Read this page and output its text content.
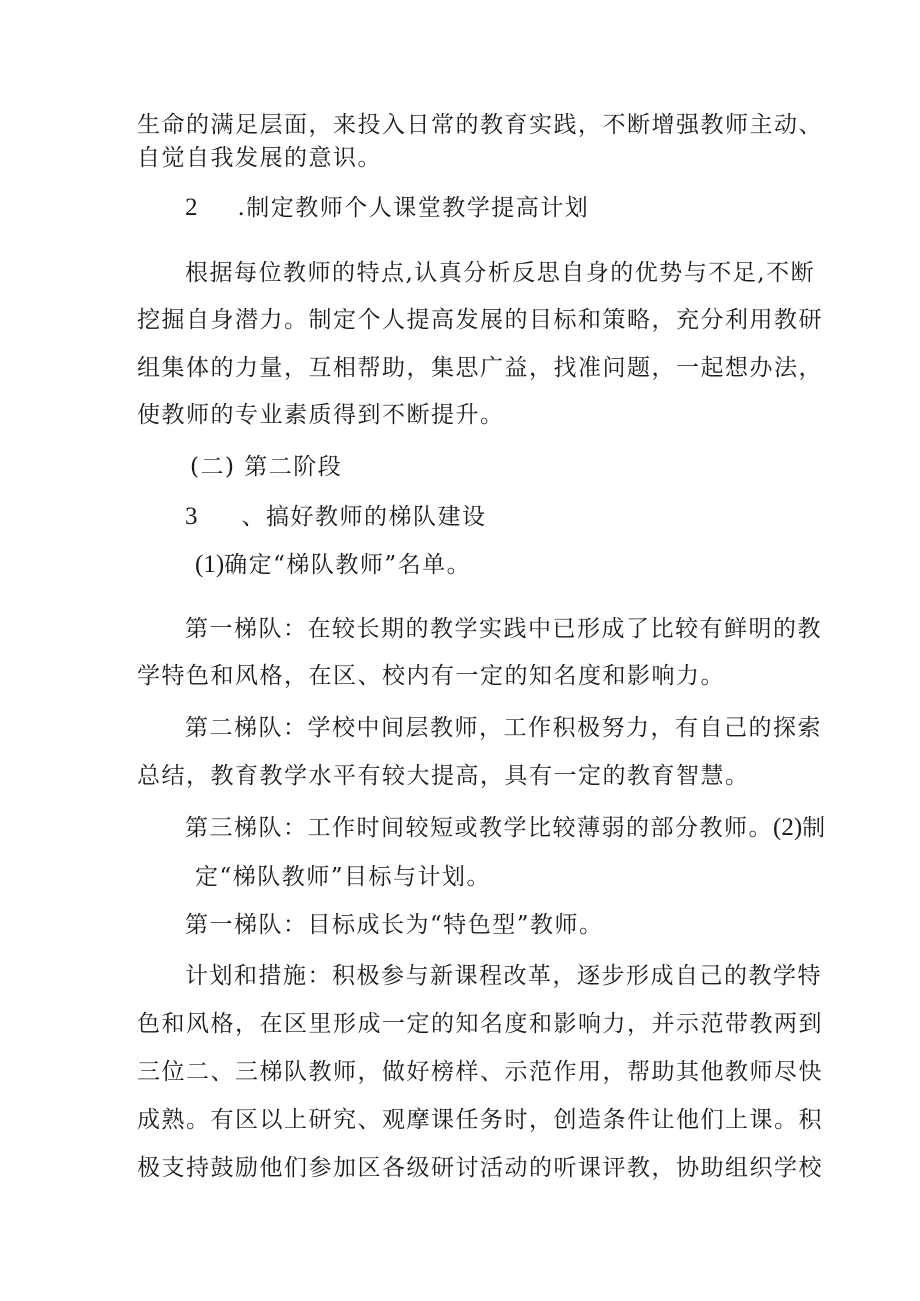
生命的满足层面，来投入日常的教育实践，不断增强教师主动、
自觉自我发展的意识。
2 .制定教师个人课堂教学提高计划
根据每位教师的特点,认真分析反思自身的优势与不足,不断
挖掘自身潜力。制定个人提高发展的目标和策略，充分利用教研
组集体的力量，互相帮助，集思广益，找准问题，一起想办法，
使教师的专业素质得到不断提升。
(二) 第二阶段
3 、搞好教师的梯队建设
(1)确定“梯队教师”名单。
第一梯队：在较长期的教学实践中已形成了比较有鲜明的教
学特色和风格，在区、校内有一定的知名度和影响力。
第二梯队：学校中间层教师，工作积极努力，有自己的探索
总结，教育教学水平有较大提高，具有一定的教育智慧。
第三梯队：工作时间较短或教学比较薄弱的部分教师。(2)制
定“梯队教师”目标与计划。
第一梯队：目标成长为“特色型”教师。
计划和措施：积极参与新课程改革，逐步形成自己的教学特
色和风格，在区里形成一定的知名度和影响力，并示范带教两到
三位二、三梯队教师，做好榜样、示范作用，帮助其他教师尽快
成熟。有区以上研究、观摩课任务时，创造条件让他们上课。积
极支持鼓励他们参加区各级研讨活动的听课评教，协助组织学校
